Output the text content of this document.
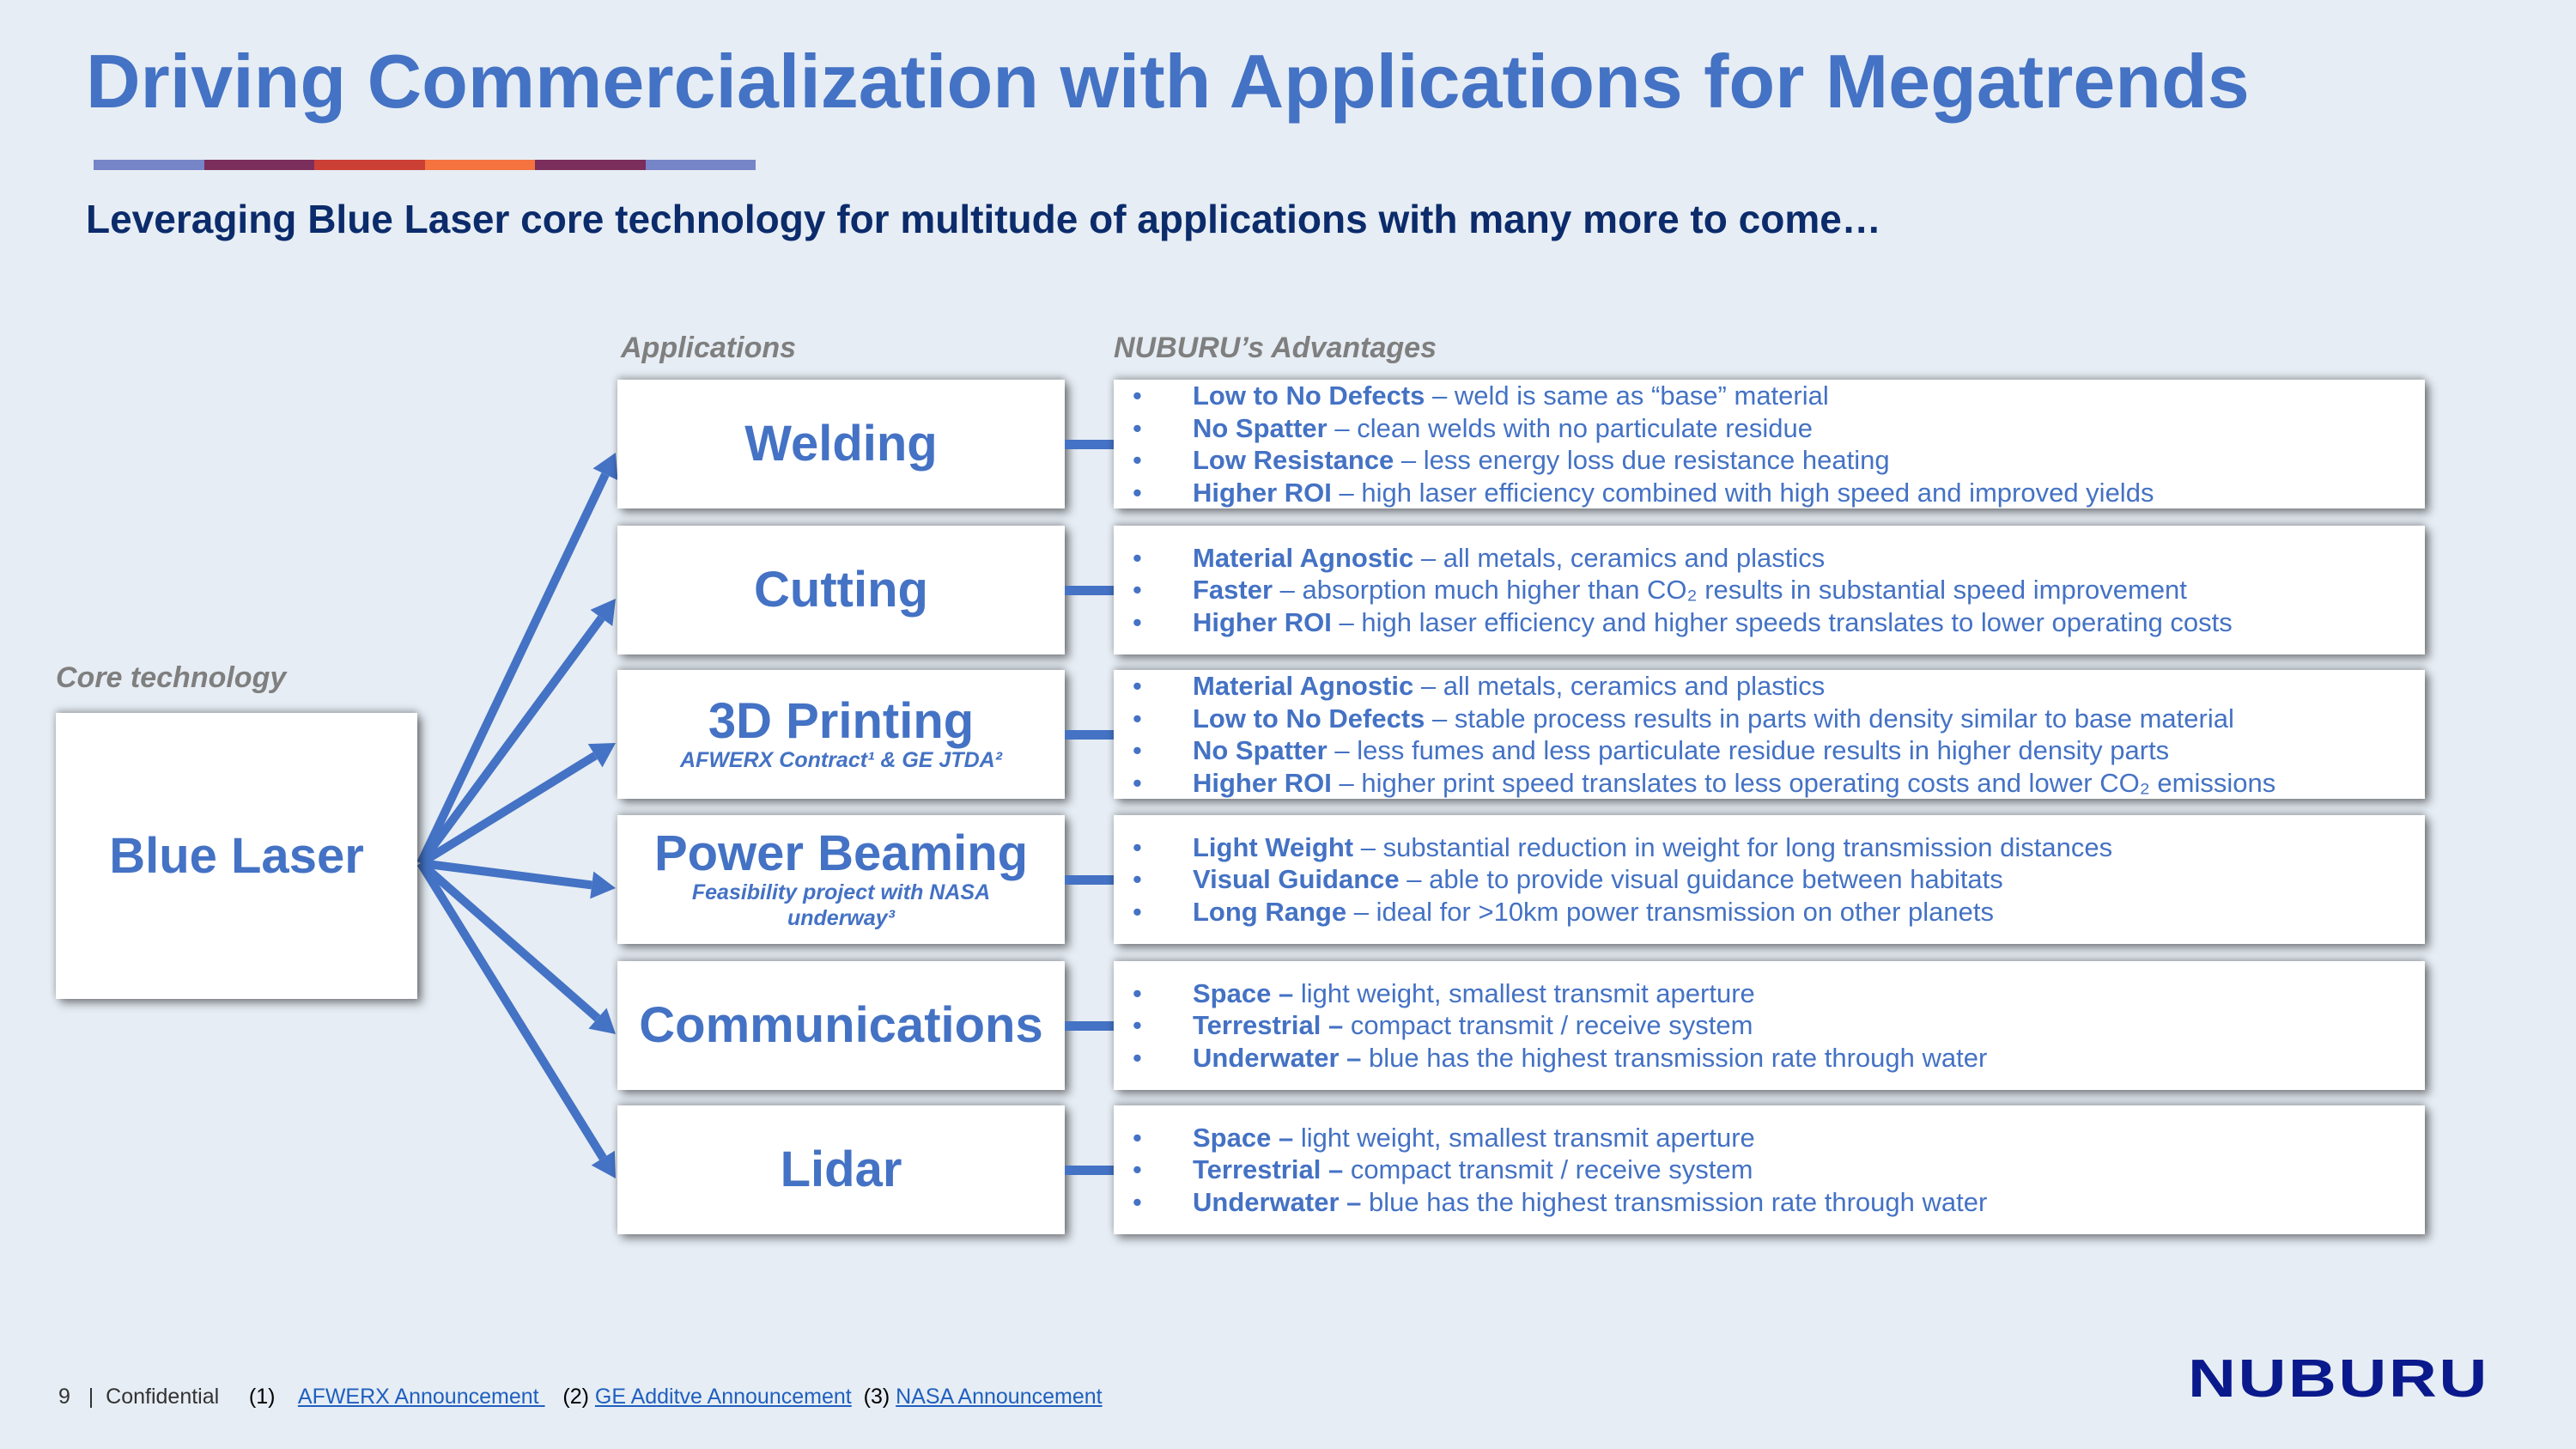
Driving Commercialization with Applications for Megatrends
Leveraging Blue Laser core technology for multitude of applications with many more to come…
Applications	NUBURU’s Advantages
Core technology
Blue Laser
Welding
• Low to No Defects – weld is same as “base” material
• No Spatter – clean welds with no particulate residue
• Low Resistance – less energy loss due resistance heating
• Higher ROI – high laser efficiency combined with high speed and improved yields
Cutting
• Material Agnostic – all metals, ceramics and plastics
• Faster – absorption much higher than CO₂ results in substantial speed improvement
• Higher ROI – high laser efficiency and higher speeds translates to lower operating costs
3D Printing
AFWERX Contract¹ & GE JTDA²
• Material Agnostic – all metals, ceramics and plastics
• Low to No Defects – stable process results in parts with density similar to base material
• No Spatter – less fumes and less particulate residue results in higher density parts
• Higher ROI – higher print speed translates to less operating costs and lower CO₂ emissions
Power Beaming
Feasibility project with NASA underway³
• Light Weight – substantial reduction in weight for long transmission distances
• Visual Guidance – able to provide visual guidance between habitats
• Long Range – ideal for >10km power transmission on other planets
Communications
• Space – light weight, smallest transmit aperture
• Terrestrial – compact transmit / receive system
• Underwater – blue has the highest transmission rate through water
Lidar
• Space – light weight, smallest transmit aperture
• Terrestrial – compact transmit / receive system
• Underwater – blue has the highest transmission rate through water
9 | Confidential (1) AFWERX Announcement    (2) GE Additve Announcement (3) NASA Announcement	NUBURU
